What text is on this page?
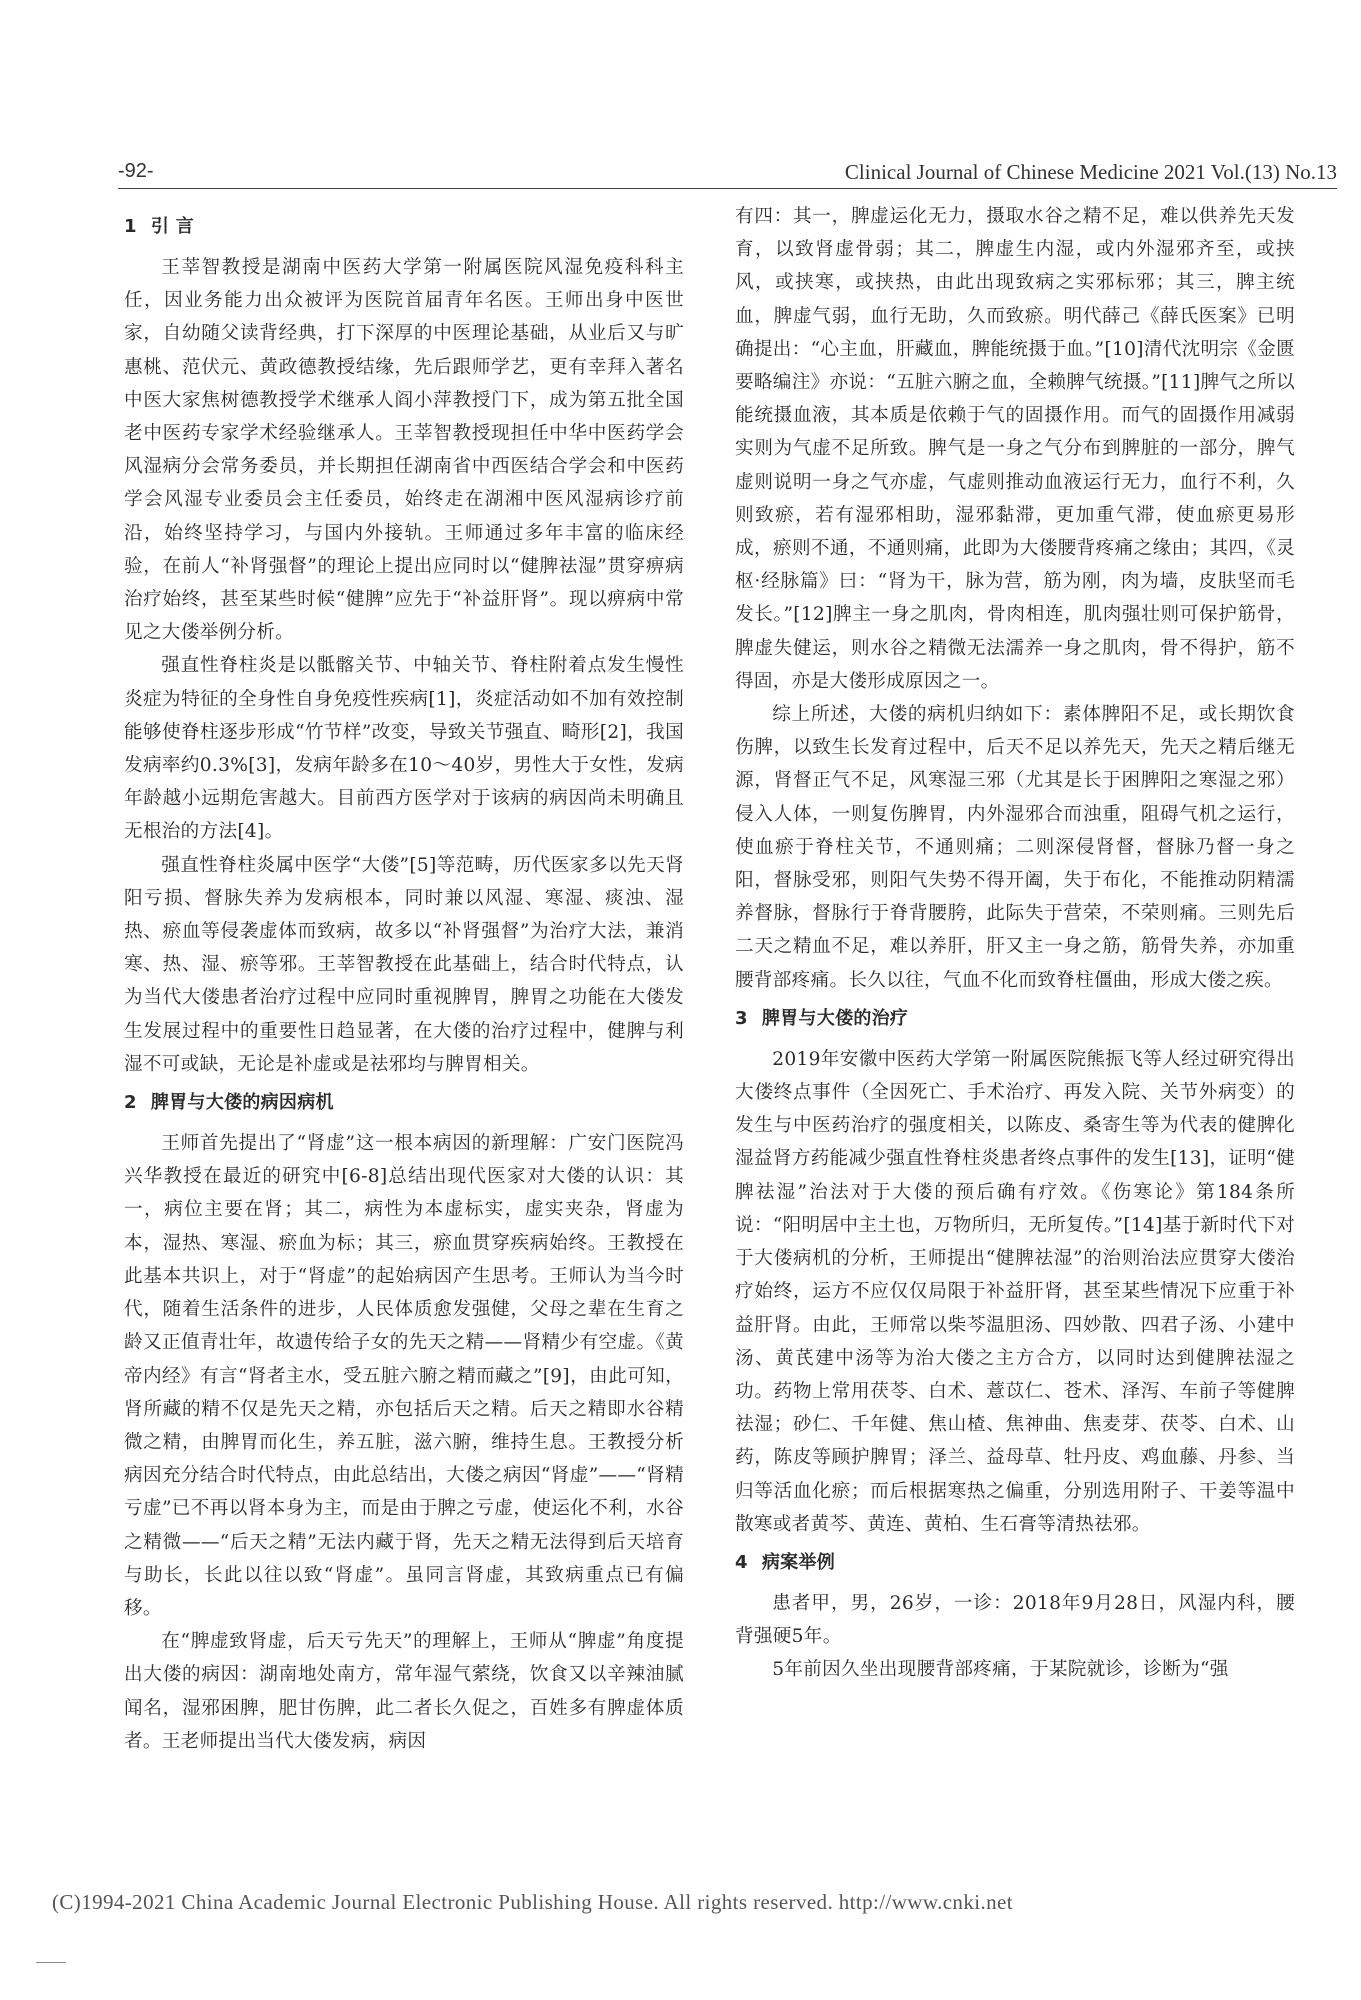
-92-	Clinical Journal of Chinese Medicine 2021 Vol.(13) No.13
1 引 言

王莘智教授是湖南中医药大学第一附属医院风湿免疫科科主任，因业务能力出众被评为医院首届青年名医。王师出身中医世家，自幼随父读背经典，打下深厚的中医理论基础，从业后又与旷惠桃、范伏元、黄政德教授结缘，先后跟师学艺，更有幸拜入著名中医大家焦树德教授学术继承人阎小萍教授门下，成为第五批全国老中医药专家学术经验继承人。王莘智教授现担任中华中医药学会风湿病分会常务委员，并长期担任湖南省中西医结合学会和中医药学会风湿专业委员会主任委员，始终走在湖湘中医风湿病诊疗前沿，始终坚持学习，与国内外接轨。王师通过多年丰富的临床经验，在前人“补肾强督”的理论上提出应同时以“健脾祛湿”贯穿痹病治疗始终，甚至某些时候“健脾”应先于“补益肝肾”。现以痹病中常见之大偻举例分析。

强直性脊柱炎是以骶髂关节、中轴关节、脊柱附着点发生慢性炎症为特征的全身性自身免疫性疾病[1]，炎症活动如不加有效控制能够使脊柱逐步形成“竹节样”改变，导致关节强直、畸形[2]，我国发病率约0.3%[3]，发病年龄多在10～40岁，男性大于女性，发病年龄越小远期危害越大。目前西方医学对于该病的病因尚未明确且无根治的方法[4]。

强直性脊柱炎属中医学“大偻”[5]等范畴，历代医家多以先天肾阳亏损、督脉失养为发病根本，同时兼以风湿、寒湿、痰浊、湿热、瘀血等侵袭虚体而致病，故多以“补肾强督”为治疗大法，兼消寒、热、湿、瘀等邪。王莘智教授在此基础上，结合时代特点，认为当代大偻患者治疗过程中应同时重视脾胃，脾胃之功能在大偻发生发展过程中的重要性日趋显著，在大偻的治疗过程中，健脾与利湿不可或缺，无论是补虚或是祛邪均与脾胃相关。

2 脾胃与大偻的病因病机

王师首先提出了“肾虚”这一根本病因的新理解：广安门医院冯兴华教授在最近的研究中[6-8]总结出现代医家对大偻的认识：其一，病位主要在肾；其二，病性为本虚标实，虚实夹杂，肾虚为本，湿热、寒湿、瘀血为标；其三，瘀血贯穿疾病始终。王教授在此基本共识上，对于“肾虚”的起始病因产生思考。王师认为当今时代，随着生活条件的进步，人民体质愈发强健，父母之辈在生育之龄又正值青壮年，故遗传给子女的先天之精——肾精少有空虚。《黄帝内经》有言“肾者主水，受五脏六腑之精而藏之”[9]，由此可知，肾所藏的精不仅是先天之精，亦包括后天之精。后天之精即水谷精微之精，由脾胃而化生，养五脏，滋六腑，维持生息。王教授分析病因充分结合时代特点，由此总结出，大偻之病因“肾虚”——“肾精亏虚”已不再以肾本身为主，而是由于脾之亏虚，使运化不利，水谷之精微——“后天之精”无法内藏于肾，先天之精无法得到后天培育与助长，长此以往以致“肾虚”。虽同言肾虚，其致病重点已有偏移。

在“脾虚致肾虚，后天亏先天”的理解上，王师从“脾虚”角度提出大偻的病因：湖南地处南方，常年湿气萦绕，饮食又以辛辣油腻闻名，湿邪困脾，肥甘伤脾，此二者长久促之，百姓多有脾虚体质者。王老师提出当代大偻发病，病因

有四：其一，脾虚运化无力，摄取水谷之精不足，难以供养先天发育，以致肾虚骨弱；其二，脾虚生内湿，或内外湿邪齐至，或挟风，或挟寒，或挟热，由此出现致病之实邪标邪；其三，脾主统血，脾虚气弱，血行无助，久而致瘀。明代薛己《薛氏医案》已明确提出：“心主血，肝藏血，脾能统摄于血。”[10]清代沈明宗《金匮要略编注》亦说：“五脏六腑之血，全赖脾气统摄。”[11]脾气之所以能统摄血液，其本质是依赖于气的固摄作用。而气的固摄作用减弱实则为气虚不足所致。脾气是一身之气分布到脾脏的一部分，脾气虚则说明一身之气亦虚，气虚则推动血液运行无力，血行不利，久则致瘀，若有湿邪相助，湿邪黏滞，更加重气滞，使血瘀更易形成，瘀则不通，不通则痛，此即为大偻腰背疼痛之缘由；其四，《灵枢·经脉篇》曰：“肾为干，脉为营，筋为刚，肉为墙，皮肤坚而毛发长。”[12]脾主一身之肌肉，骨肉相连，肌肉强壮则可保护筋骨，脾虚失健运，则水谷之精微无法濡养一身之肌肉，骨不得护，筋不得固，亦是大偻形成原因之一。

综上所述，大偻的病机归纳如下：素体脾阳不足，或长期饮食伤脾，以致生长发育过程中，后天不足以养先天，先天之精后继无源，肾督正气不足，风寒湿三邪（尤其是长于困脾阳之寒湿之邪）侵入人体，一则复伤脾胃，内外湿邪合而浊重，阻碍气机之运行，使血瘀于脊柱关节，不通则痛；二则深侵肾督，督脉乃督一身之阳，督脉受邪，则阳气失势不得开阖，失于布化，不能推动阴精濡养督脉，督脉行于脊背腰胯，此际失于营荣，不荣则痛。三则先后二天之精血不足，难以养肝，肝又主一身之筋，筋骨失养，亦加重腰背部疼痛。长久以往，气血不化而致脊柱僵曲，形成大偻之疾。

3 脾胃与大偻的治疗

2019年安徽中医药大学第一附属医院熊振飞等人经过研究得出大偻终点事件（全因死亡、手术治疗、再发入院、关节外病变）的发生与中医药治疗的强度相关，以陈皮、桑寄生等为代表的健脾化湿益肾方药能减少强直性脊柱炎患者终点事件的发生[13]，证明“健脾祛湿”治法对于大偻的预后确有疗效。《伤寒论》第184条所说：“阳明居中主土也，万物所归，无所复传。”[14]基于新时代下对于大偻病机的分析，王师提出“健脾祛湿”的治则治法应贯穿大偻治疗始终，运方不应仅仅局限于补益肝肾，甚至某些情况下应重于补益肝肾。由此，王师常以柴芩温胆汤、四妙散、四君子汤、小建中汤、黄芪建中汤等为治大偻之主方合方，以同时达到健脾祛湿之功。药物上常用茯苓、白术、薏苡仁、苍术、泽泻、车前子等健脾祛湿；砂仁、千年健、焦山楂、焦神曲、焦麦芽、茯苓、白术、山药，陈皮等顾护脾胃；泽兰、益母草、牡丹皮、鸡血藤、丹参、当归等活血化瘀；而后根据寒热之偏重，分别选用附子、干姜等温中散寒或者黄芩、黄连、黄柏、生石膏等清热祛邪。

4 病案举例

患者甲，男，26岁，一诊：2018年9月28日，风湿内科，腰背强硬5年。

5年前因久坐出现腰背部疼痛，于某院就诊，诊断为“强

(C)1994-2021 China Academic Journal Electronic Publishing House. All rights reserved. http://www.cnki.net
